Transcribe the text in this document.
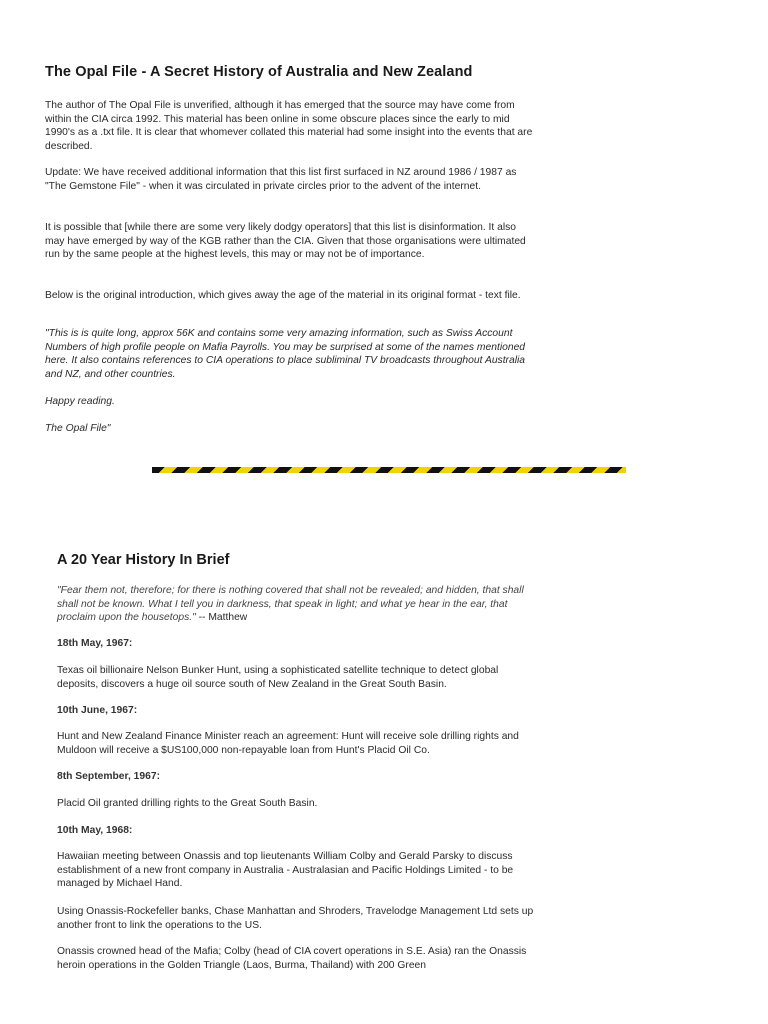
The Opal File - A Secret History of Australia and New Zealand

The author of The Opal File is unverified, although it has emerged that the source may have come from within the CIA circa 1992. This material has been online in some obscure places since the early to mid 1990's as a .txt file. It is clear that whomever collated this material had some insight into the events that are described.

Update: We have received additional information that this list first surfaced in NZ around 1986 / 1987 as "The Gemstone File" - when it was circulated in private circles prior to the advent of the internet.

It is possible that [while there are some very likely dodgy operators] that this list is disinformation. It also may have emerged by way of the KGB rather than the CIA. Given that those organisations were ultimated run by the same people at the highest levels, this may or may not be of importance.

Below is the original introduction, which gives away the age of the material in its original format - text file.

"This is is quite long, approx 56K and contains some very amazing information, such as Swiss Account Numbers of high profile people on Mafia Payrolls. You may be surprised at some of the names mentioned here. It also contains references to CIA operations to place subliminal TV broadcasts throughout Australia and NZ, and other countries.

Happy reading.

The Opal File"

A 20 Year History In Brief

"Fear them not, therefore; for there is nothing covered that shall not be revealed; and hidden, that shall shall not be known. What I tell you in darkness, that speak in light; and what ye hear in the ear, that proclaim upon the housetops." -- Matthew

18th May, 1967:

Texas oil billionaire Nelson Bunker Hunt, using a sophisticated satellite technique to detect global deposits, discovers a huge oil source south of New Zealand in the Great South Basin.

10th June, 1967:

Hunt and New Zealand Finance Minister reach an agreement: Hunt will receive sole drilling rights and Muldoon will receive a $US100,000 non-repayable loan from Hunt's Placid Oil Co.

8th September, 1967:

Placid Oil granted drilling rights to the Great South Basin.

10th May, 1968:

Hawaiian meeting between Onassis and top lieutenants William Colby and Gerald Parsky to discuss establishment of a new front company in Australia - Australasian and Pacific Holdings Limited - to be managed by Michael Hand.

Using Onassis-Rockefeller banks, Chase Manhattan and Shroders, Travelodge Management Ltd sets up another front to link the operations to the US.

Onassis crowned head of the Mafia; Colby (head of CIA covert operations in S.E. Asia) ran the Onassis heroin operations in the Golden Triangle (Laos, Burma, Thailand) with 200 Green
